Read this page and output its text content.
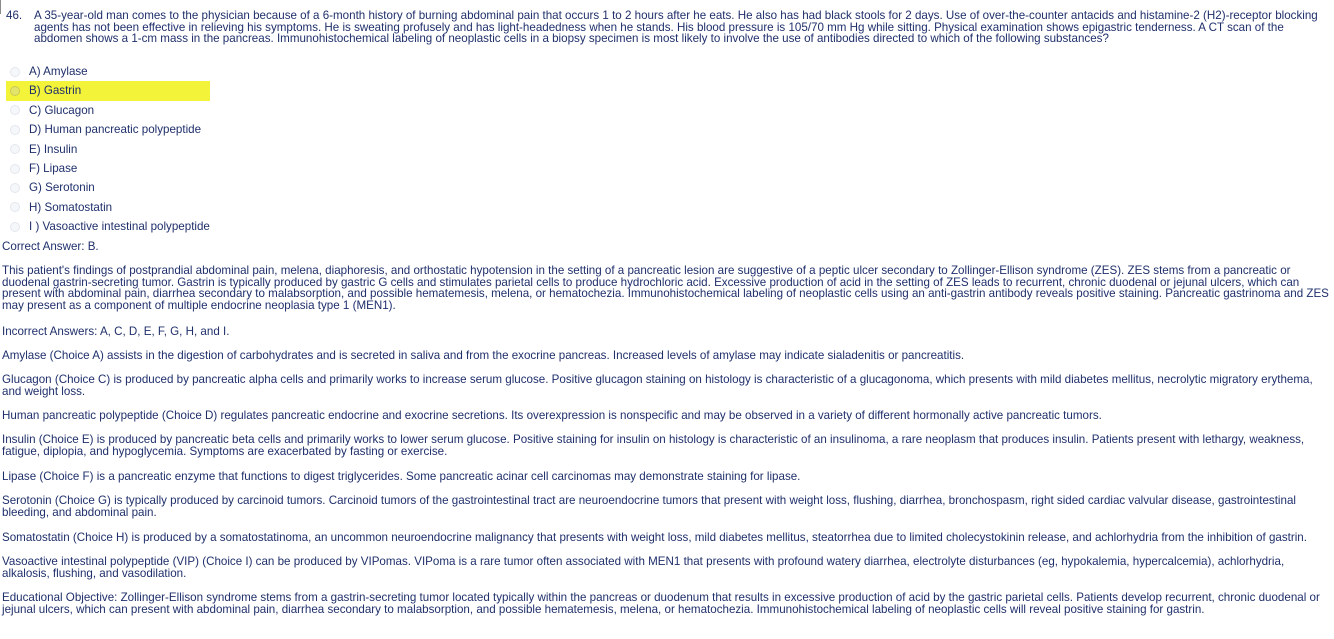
46. A 35-year-old man comes to the physician because of a 6-month history of burning abdominal pain that occurs 1 to 2 hours after he eats. He also has had black stools for 2 days. Use of over-the-counter antacids and histamine-2 (H2)-receptor blocking agents has not been effective in relieving his symptoms. He is sweating profusely and has light-headedness when he stands. His blood pressure is 105/70 mm Hg while sitting. Physical examination shows epigastric tenderness. A CT scan of the abdomen shows a 1-cm mass in the pancreas. Immunohistochemical labeling of neoplastic cells in a biopsy specimen is most likely to involve the use of antibodies directed to which of the following substances?
A) Amylase
B) Gastrin
C) Glucagon
D) Human pancreatic polypeptide
E) Insulin
F) Lipase
G) Serotonin
H) Somatostatin
I ) Vasoactive intestinal polypeptide
Correct Answer: B.
This patient's findings of postprandial abdominal pain, melena, diaphoresis, and orthostatic hypotension in the setting of a pancreatic lesion are suggestive of a peptic ulcer secondary to Zollinger-Ellison syndrome (ZES). ZES stems from a pancreatic or duodenal gastrin-secreting tumor. Gastrin is typically produced by gastric G cells and stimulates parietal cells to produce hydrochloric acid. Excessive production of acid in the setting of ZES leads to recurrent, chronic duodenal or jejunal ulcers, which can present with abdominal pain, diarrhea secondary to malabsorption, and possible hematemesis, melena, or hematochezia. Immunohistochemical labeling of neoplastic cells using an anti-gastrin antibody reveals positive staining. Pancreatic gastrinoma and ZES may present as a component of multiple endocrine neoplasia type 1 (MEN1).
Incorrect Answers: A, C, D, E, F, G, H, and I.
Amylase (Choice A) assists in the digestion of carbohydrates and is secreted in saliva and from the exocrine pancreas. Increased levels of amylase may indicate sialadenitis or pancreatitis.
Glucagon (Choice C) is produced by pancreatic alpha cells and primarily works to increase serum glucose. Positive glucagon staining on histology is characteristic of a glucagonoma, which presents with mild diabetes mellitus, necrolytic migratory erythema, and weight loss.
Human pancreatic polypeptide (Choice D) regulates pancreatic endocrine and exocrine secretions. Its overexpression is nonspecific and may be observed in a variety of different hormonally active pancreatic tumors.
Insulin (Choice E) is produced by pancreatic beta cells and primarily works to lower serum glucose. Positive staining for insulin on histology is characteristic of an insulinoma, a rare neoplasm that produces insulin. Patients present with lethargy, weakness, fatigue, diplopia, and hypoglycemia. Symptoms are exacerbated by fasting or exercise.
Lipase (Choice F) is a pancreatic enzyme that functions to digest triglycerides. Some pancreatic acinar cell carcinomas may demonstrate staining for lipase.
Serotonin (Choice G) is typically produced by carcinoid tumors. Carcinoid tumors of the gastrointestinal tract are neuroendocrine tumors that present with weight loss, flushing, diarrhea, bronchospasm, right sided cardiac valvular disease, gastrointestinal bleeding, and abdominal pain.
Somatostatin (Choice H) is produced by a somatostatinoma, an uncommon neuroendocrine malignancy that presents with weight loss, mild diabetes mellitus, steatorrhea due to limited cholecystokinin release, and achlorhydria from the inhibition of gastrin.
Vasoactive intestinal polypeptide (VIP) (Choice I) can be produced by VIPomas. VIPoma is a rare tumor often associated with MEN1 that presents with profound watery diarrhea, electrolyte disturbances (eg, hypokalemia, hypercalcemia), achlorhydria, alkalosis, flushing, and vasodilation.
Educational Objective: Zollinger-Ellison syndrome stems from a gastrin-secreting tumor located typically within the pancreas or duodenum that results in excessive production of acid by the gastric parietal cells. Patients develop recurrent, chronic duodenal or jejunal ulcers, which can present with abdominal pain, diarrhea secondary to malabsorption, and possible hematemesis, melena, or hematochezia. Immunohistochemical labeling of neoplastic cells will reveal positive staining for gastrin.
